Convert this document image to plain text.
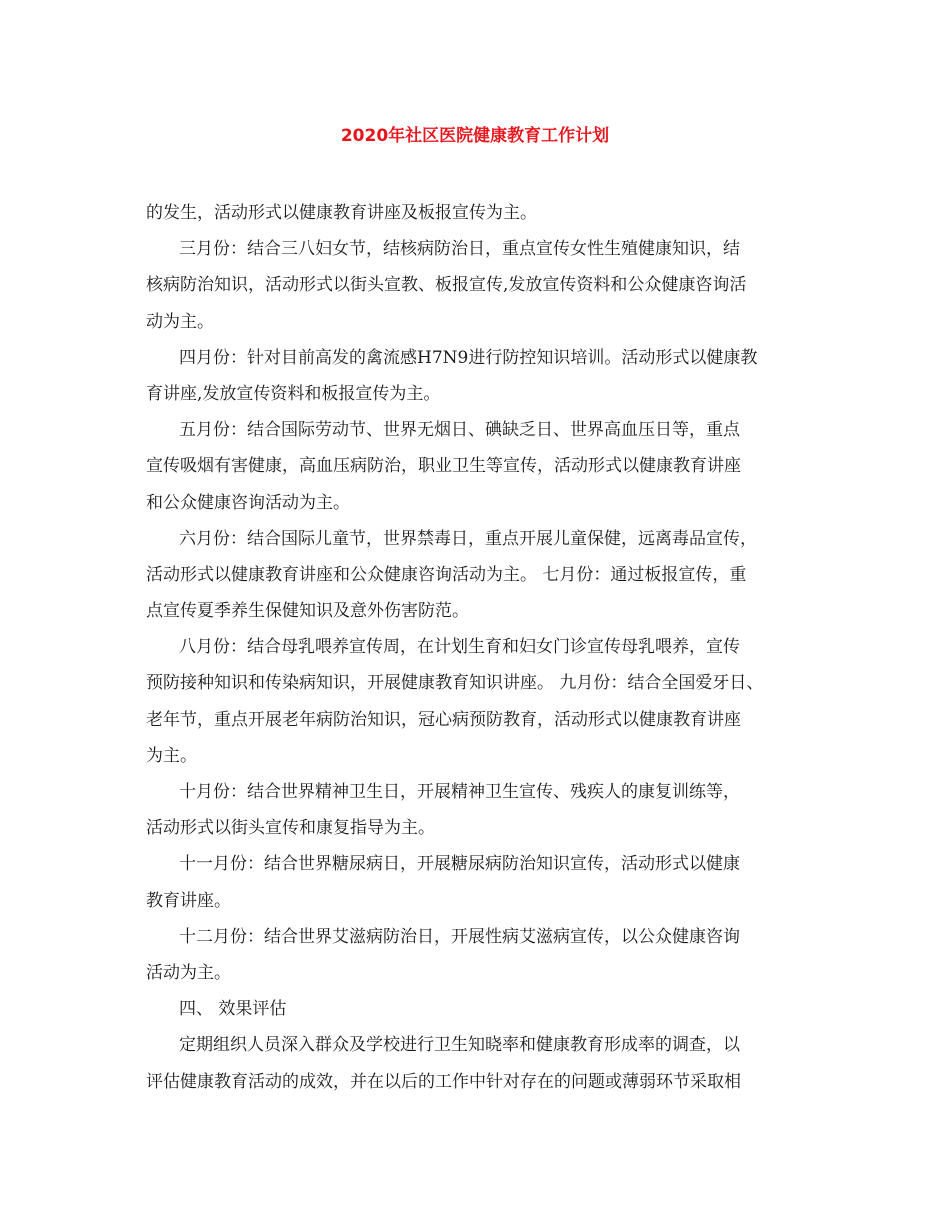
2020年社区医院健康教育工作计划
的发生，活动形式以健康教育讲座及板报宣传为主。
三月份：结合三八妇女节，结核病防治日，重点宣传女性生殖健康知识，结
核病防治知识，活动形式以街头宣教、板报宣传,发放宣传资料和公众健康咨询活
动为主。
四月份：针对目前高发的禽流感H7N9进行防控知识培训。活动形式以健康教
育讲座,发放宣传资料和板报宣传为主。
五月份：结合国际劳动节、世界无烟日、碘缺乏日、世界高血压日等，重点
宣传吸烟有害健康，高血压病防治，职业卫生等宣传，活动形式以健康教育讲座
和公众健康咨询活动为主。
六月份：结合国际儿童节，世界禁毒日，重点开展儿童保健，远离毒品宣传，
活动形式以健康教育讲座和公众健康咨询活动为主。 七月份：通过板报宣传，重
点宣传夏季养生保健知识及意外伤害防范。
八月份：结合母乳喂养宣传周，在计划生育和妇女门诊宣传母乳喂养，宣传
预防接种知识和传染病知识，开展健康教育知识讲座。 九月份：结合全国爱牙日、
老年节，重点开展老年病防治知识，冠心病预防教育，活动形式以健康教育讲座
为主。
十月份：结合世界精神卫生日，开展精神卫生宣传、残疾人的康复训练等，
活动形式以街头宣传和康复指导为主。
十一月份：结合世界糖尿病日，开展糖尿病防治知识宣传，活动形式以健康
教育讲座。
十二月份：结合世界艾滋病防治日，开展性病艾滋病宣传，以公众健康咨询
活动为主。
四、 效果评估
定期组织人员深入群众及学校进行卫生知晓率和健康教育形成率的调查，以
评估健康教育活动的成效，并在以后的工作中针对存在的问题或薄弱环节采取相
